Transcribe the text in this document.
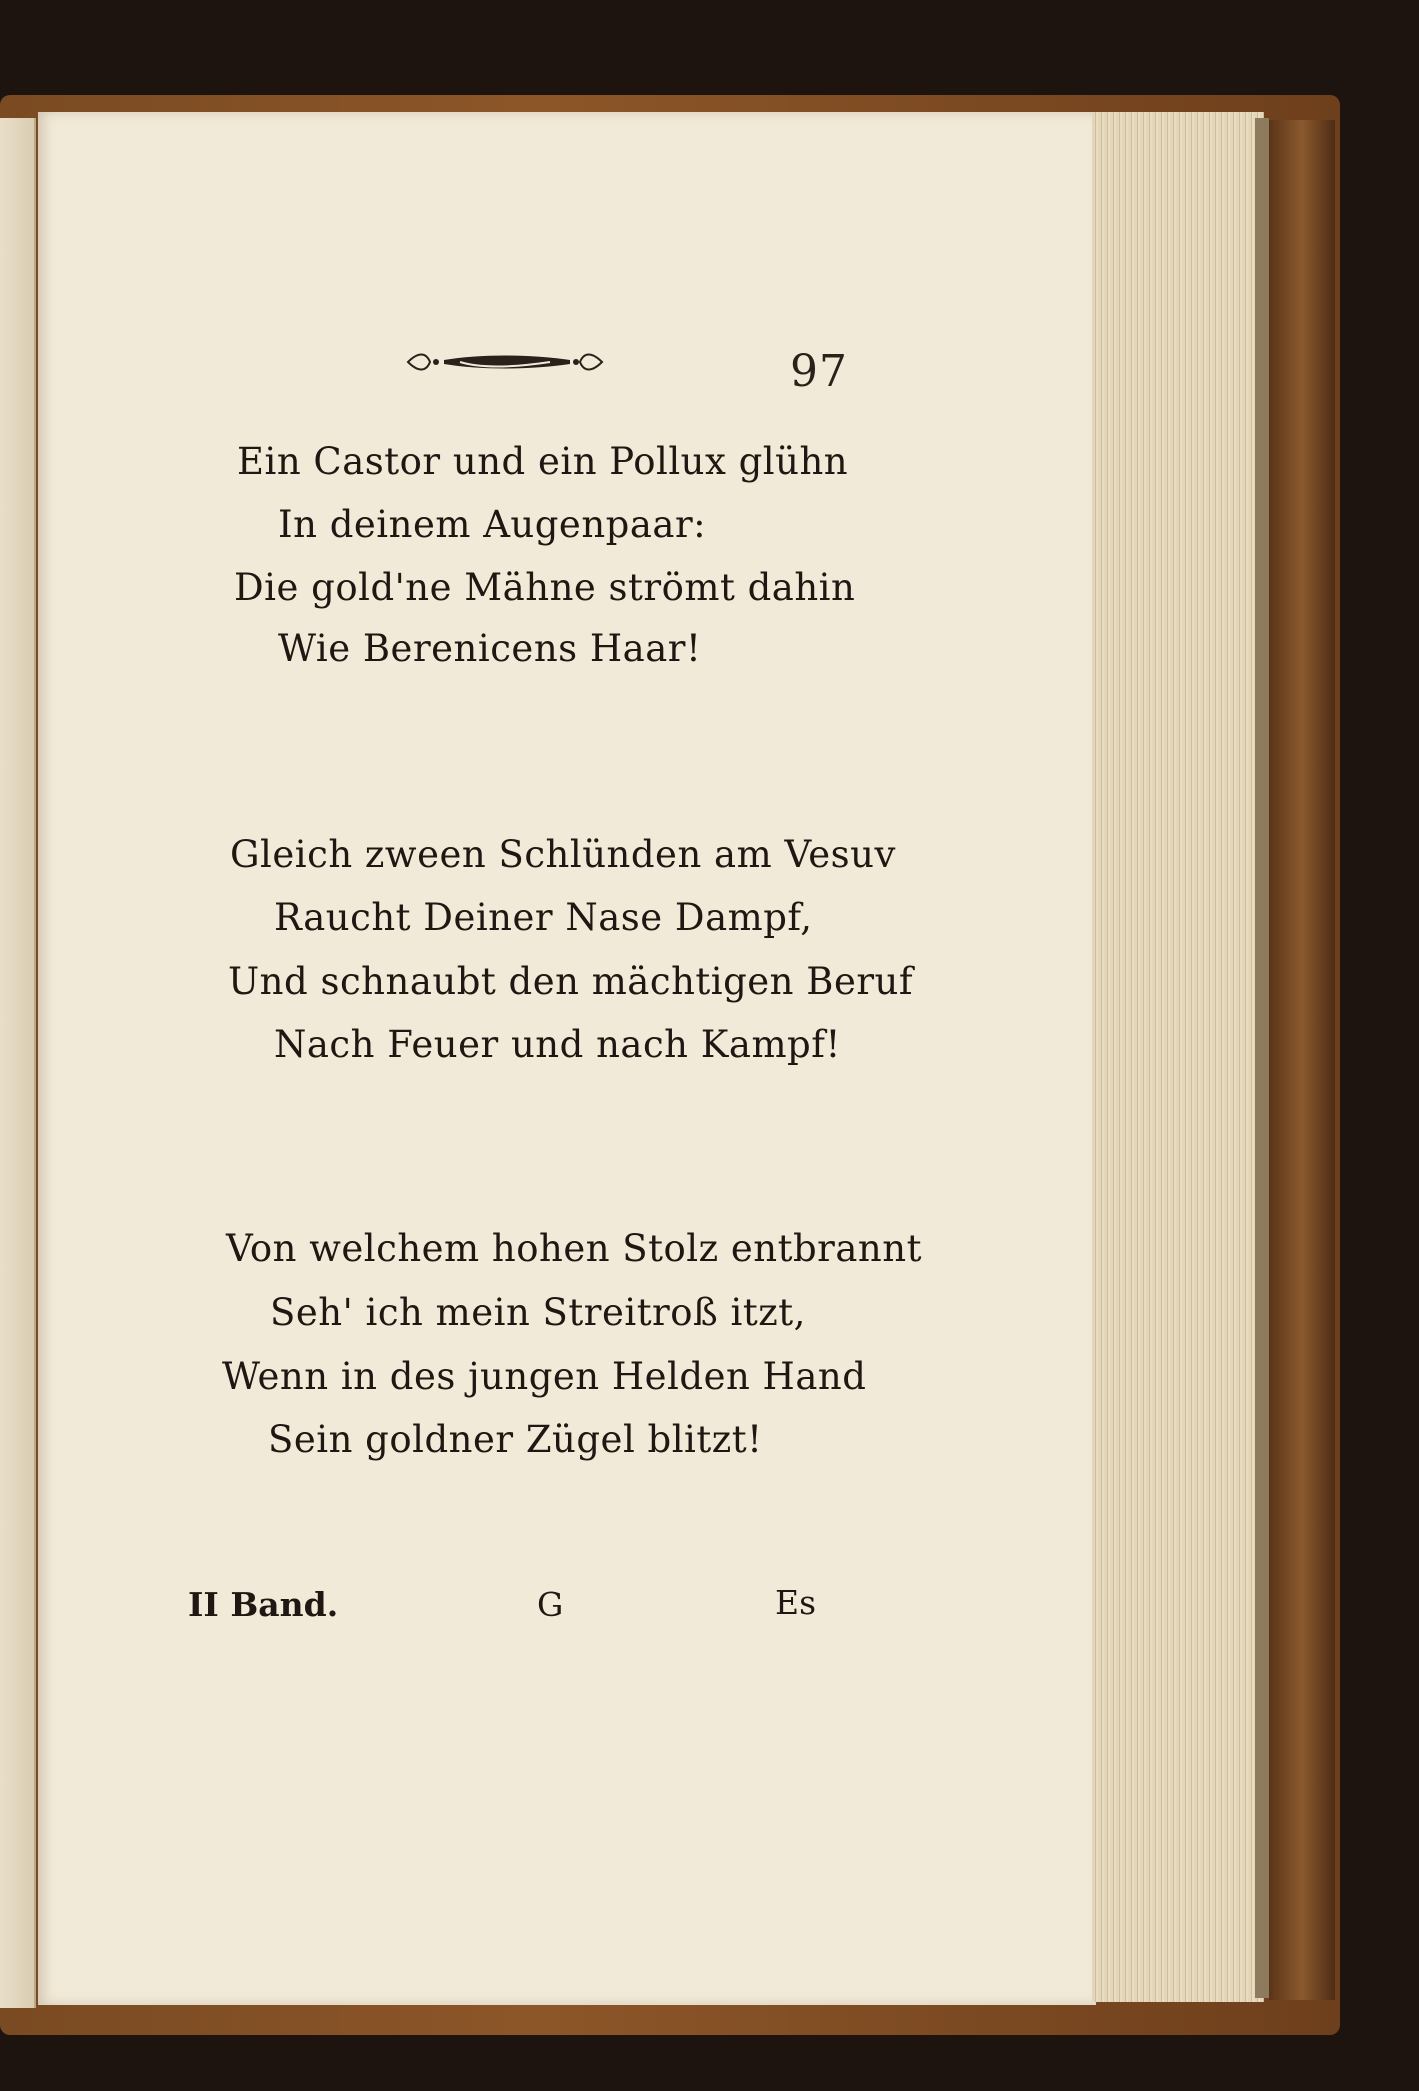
97
Ein Castor und ein Pollux glühn
In deinem Augenpaar:
Die gold'ne Mähne strömt dahin
Wie Berenicens Haar!
Gleich zween Schlünden am Vesuv
Raucht Deiner Nase Dampf,
Und schnaubt den mächtigen Beruf
Nach Feuer und nach Kampf!
Von welchem hohen Stolz entbrannt
Seh' ich mein Streitroß itzt,
Wenn in des jungen Helden Hand
Sein goldner Zügel blitzt!
II Band.	G	Es
